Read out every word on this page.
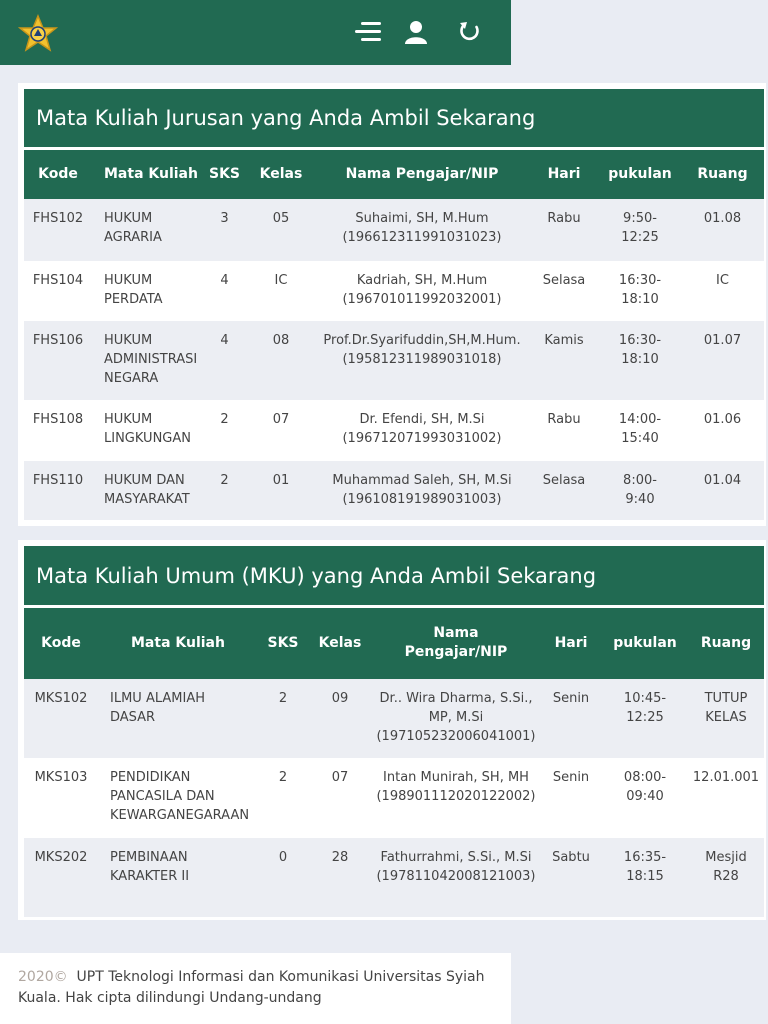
Mata Kuliah Jurusan yang Anda Ambil Sekarang
Kode	Mata Kuliah	SKS	Kelas	Nama Pengajar/NIP	Hari	pukulan	Ruang
FHS102	HUKUM AGRARIA	3	05	Suhaimi, SH, M.Hum (196612311991031023)	Rabu	9:50-12:25	01.08
FHS104	HUKUM PERDATA	4	IC	Kadriah, SH, M.Hum (196701011992032001)	Selasa	16:30-18:10	IC
FHS106	HUKUM ADMINISTRASI NEGARA	4	08	Prof.Dr.Syarifuddin,SH,M.Hum. (195812311989031018)	Kamis	16:30-18:10	01.07
FHS108	HUKUM LINGKUNGAN	2	07	Dr. Efendi, SH, M.Si (196712071993031002)	Rabu	14:00-15:40	01.06
FHS110	HUKUM DAN MASYARAKAT	2	01	Muhammad Saleh, SH, M.Si (196108191989031003)	Selasa	8:00-9:40	01.04
Mata Kuliah Umum (MKU) yang Anda Ambil Sekarang
Kode	Mata Kuliah	SKS	Kelas	Nama Pengajar/NIP	Hari	pukulan	Ruang
MKS102	ILMU ALAMIAH DASAR	2	09	Dr.. Wira Dharma, S.Si., MP, M.Si (197105232006041001)	Senin	10:45-12:25	TUTUP KELAS
MKS103	PENDIDIKAN PANCASILA DAN KEWARGANEGARAAN	2	07	Intan Munirah, SH, MH (198901112020122002)	Senin	08:00-09:40	12.01.001
MKS202	PEMBINAAN KARAKTER II	0	28	Fathurrahmi, S.Si., M.Si (197811042008121003)	Sabtu	16:35-18:15	Mesjid R28
2020© UPT Teknologi Informasi dan Komunikasi Universitas Syiah Kuala. Hak cipta dilindungi Undang-undang
